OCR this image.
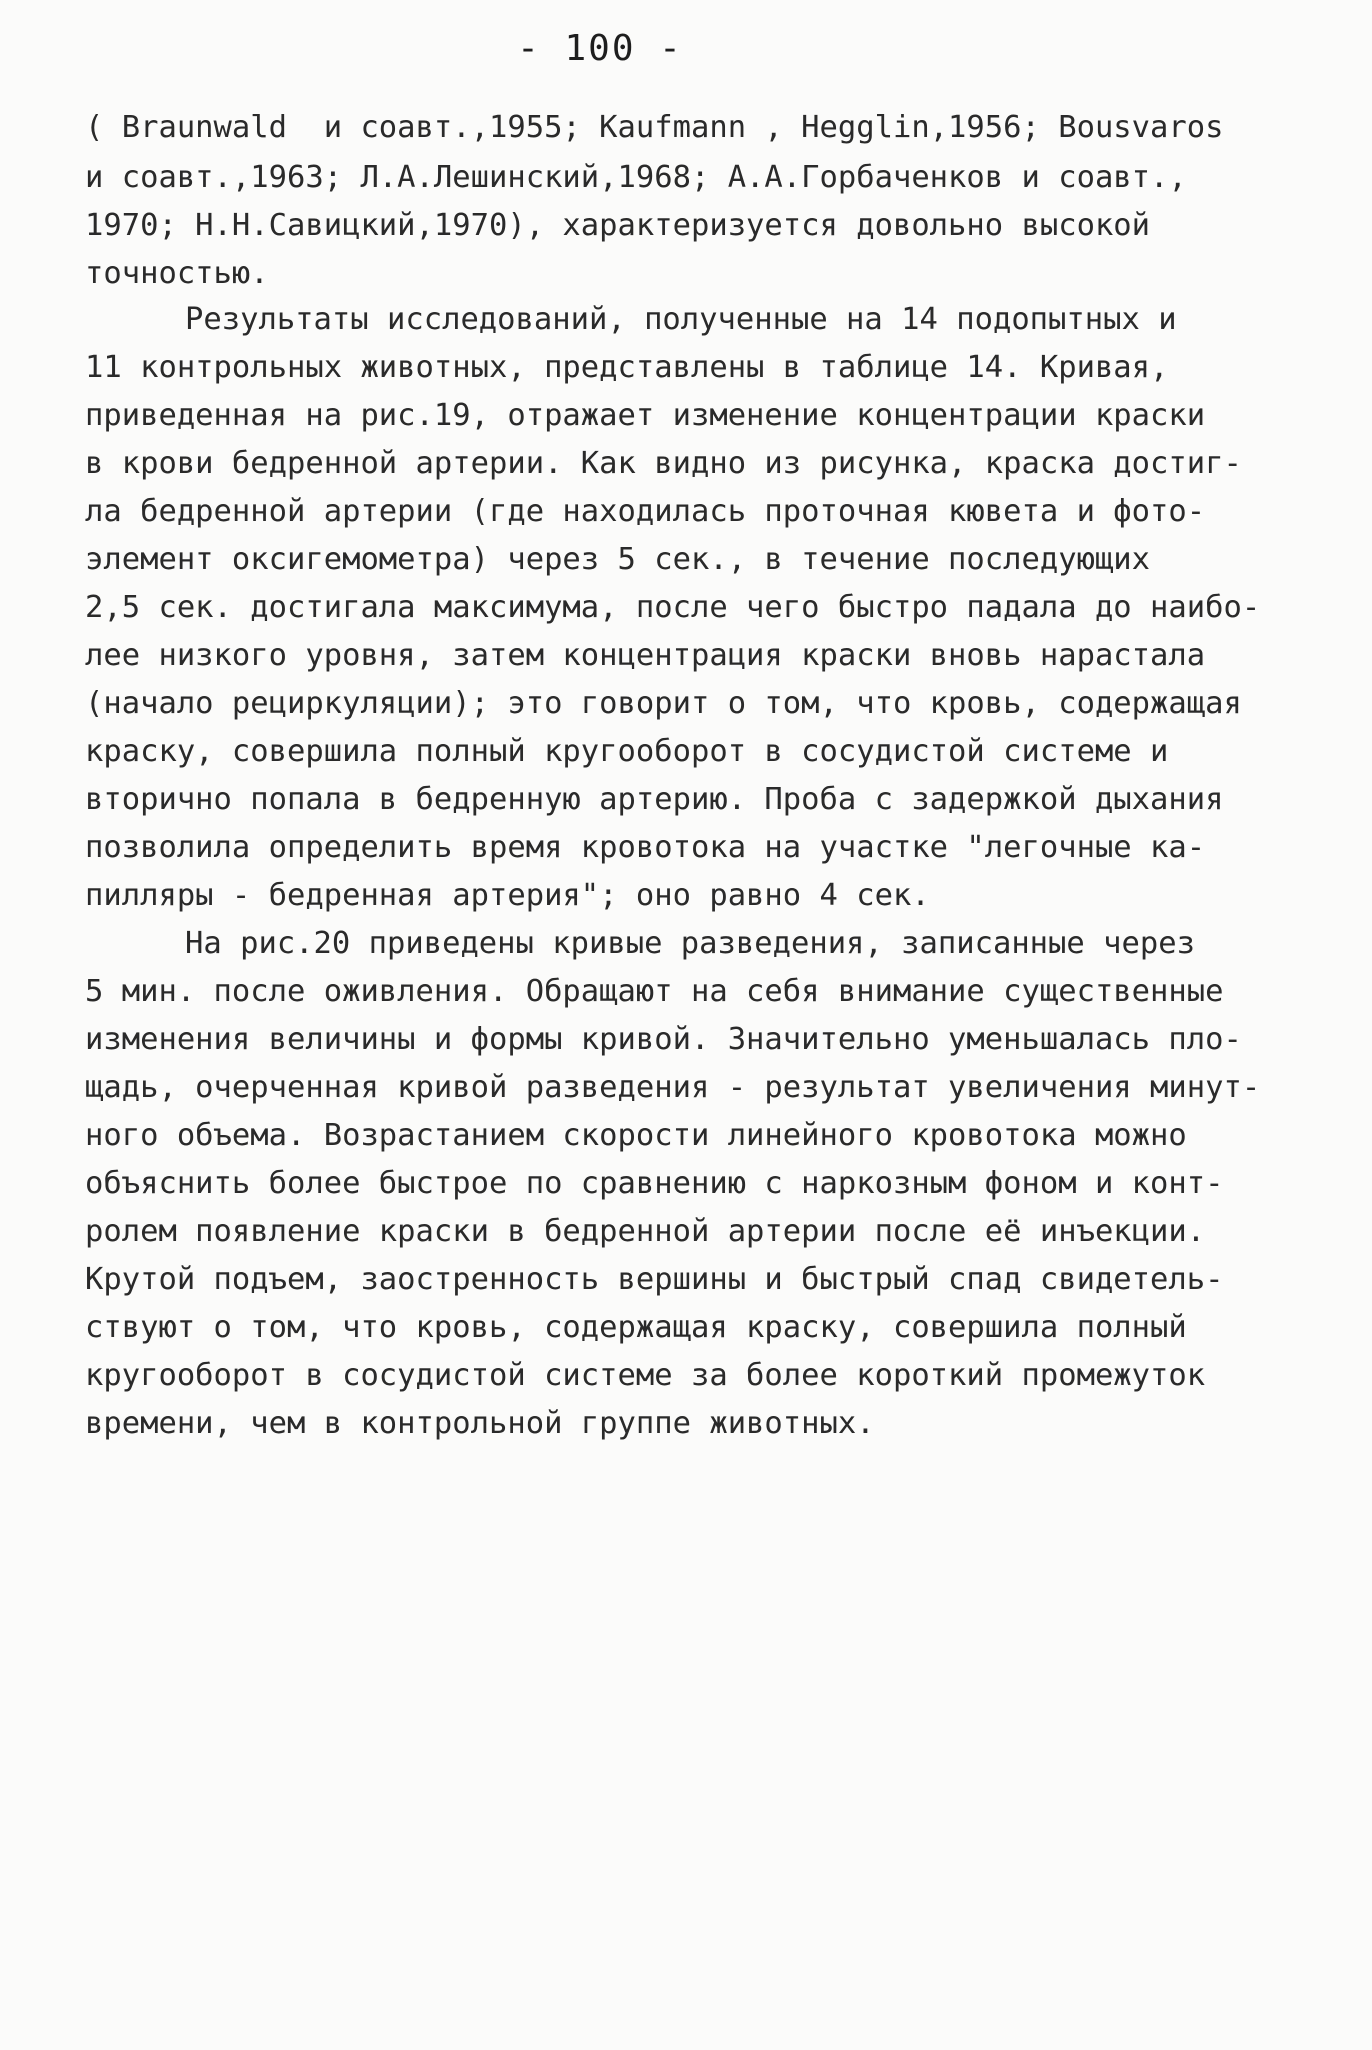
- 100 -
( Braunwald  и соавт.,1955; Kaufmann , Hegglin,1956; Bousvaros
и соавт.,1963; Л.А.Лешинский,1968; А.А.Горбаченков и соавт.,
1970; Н.Н.Савицкий,1970), характеризуется довольно высокой
точностью.
Результаты исследований, полученные на 14 подопытных и
11 контрольных животных, представлены в таблице 14. Кривая,
приведенная на рис.19, отражает изменение концентрации краски
в крови бедренной артерии. Как видно из рисунка, краска достиг-
ла бедренной артерии (где находилась проточная кювета и фото-
элемент оксигемометра) через 5 сек., в течение последующих
2,5 сек. достигала максимума, после чего быстро падала до наибо-
лее низкого уровня, затем концентрация краски вновь нарастала
(начало рециркуляции); это говорит о том, что кровь, содержащая
краску, совершила полный кругооборот в сосудистой системе и
вторично попала в бедренную артерию. Проба с задержкой дыхания
позволила определить время кровотока на участке "легочные ка-
пилляры - бедренная артерия"; оно равно 4 сек.
На рис.20 приведены кривые разведения, записанные через
5 мин. после оживления. Обращают на себя внимание существенные
изменения величины и формы кривой. Значительно уменьшалась пло-
щадь, очерченная кривой разведения - результат увеличения минут-
ного объема. Возрастанием скорости линейного кровотока можно
объяснить более быстрое по сравнению с наркозным фоном и конт-
ролем появление краски в бедренной артерии после её инъекции.
Крутой подъем, заостренность вершины и быстрый спад свидетель-
ствуют о том, что кровь, содержащая краску, совершила полный
кругооборот в сосудистой системе за более короткий промежуток
времени, чем в контрольной группе животных.
